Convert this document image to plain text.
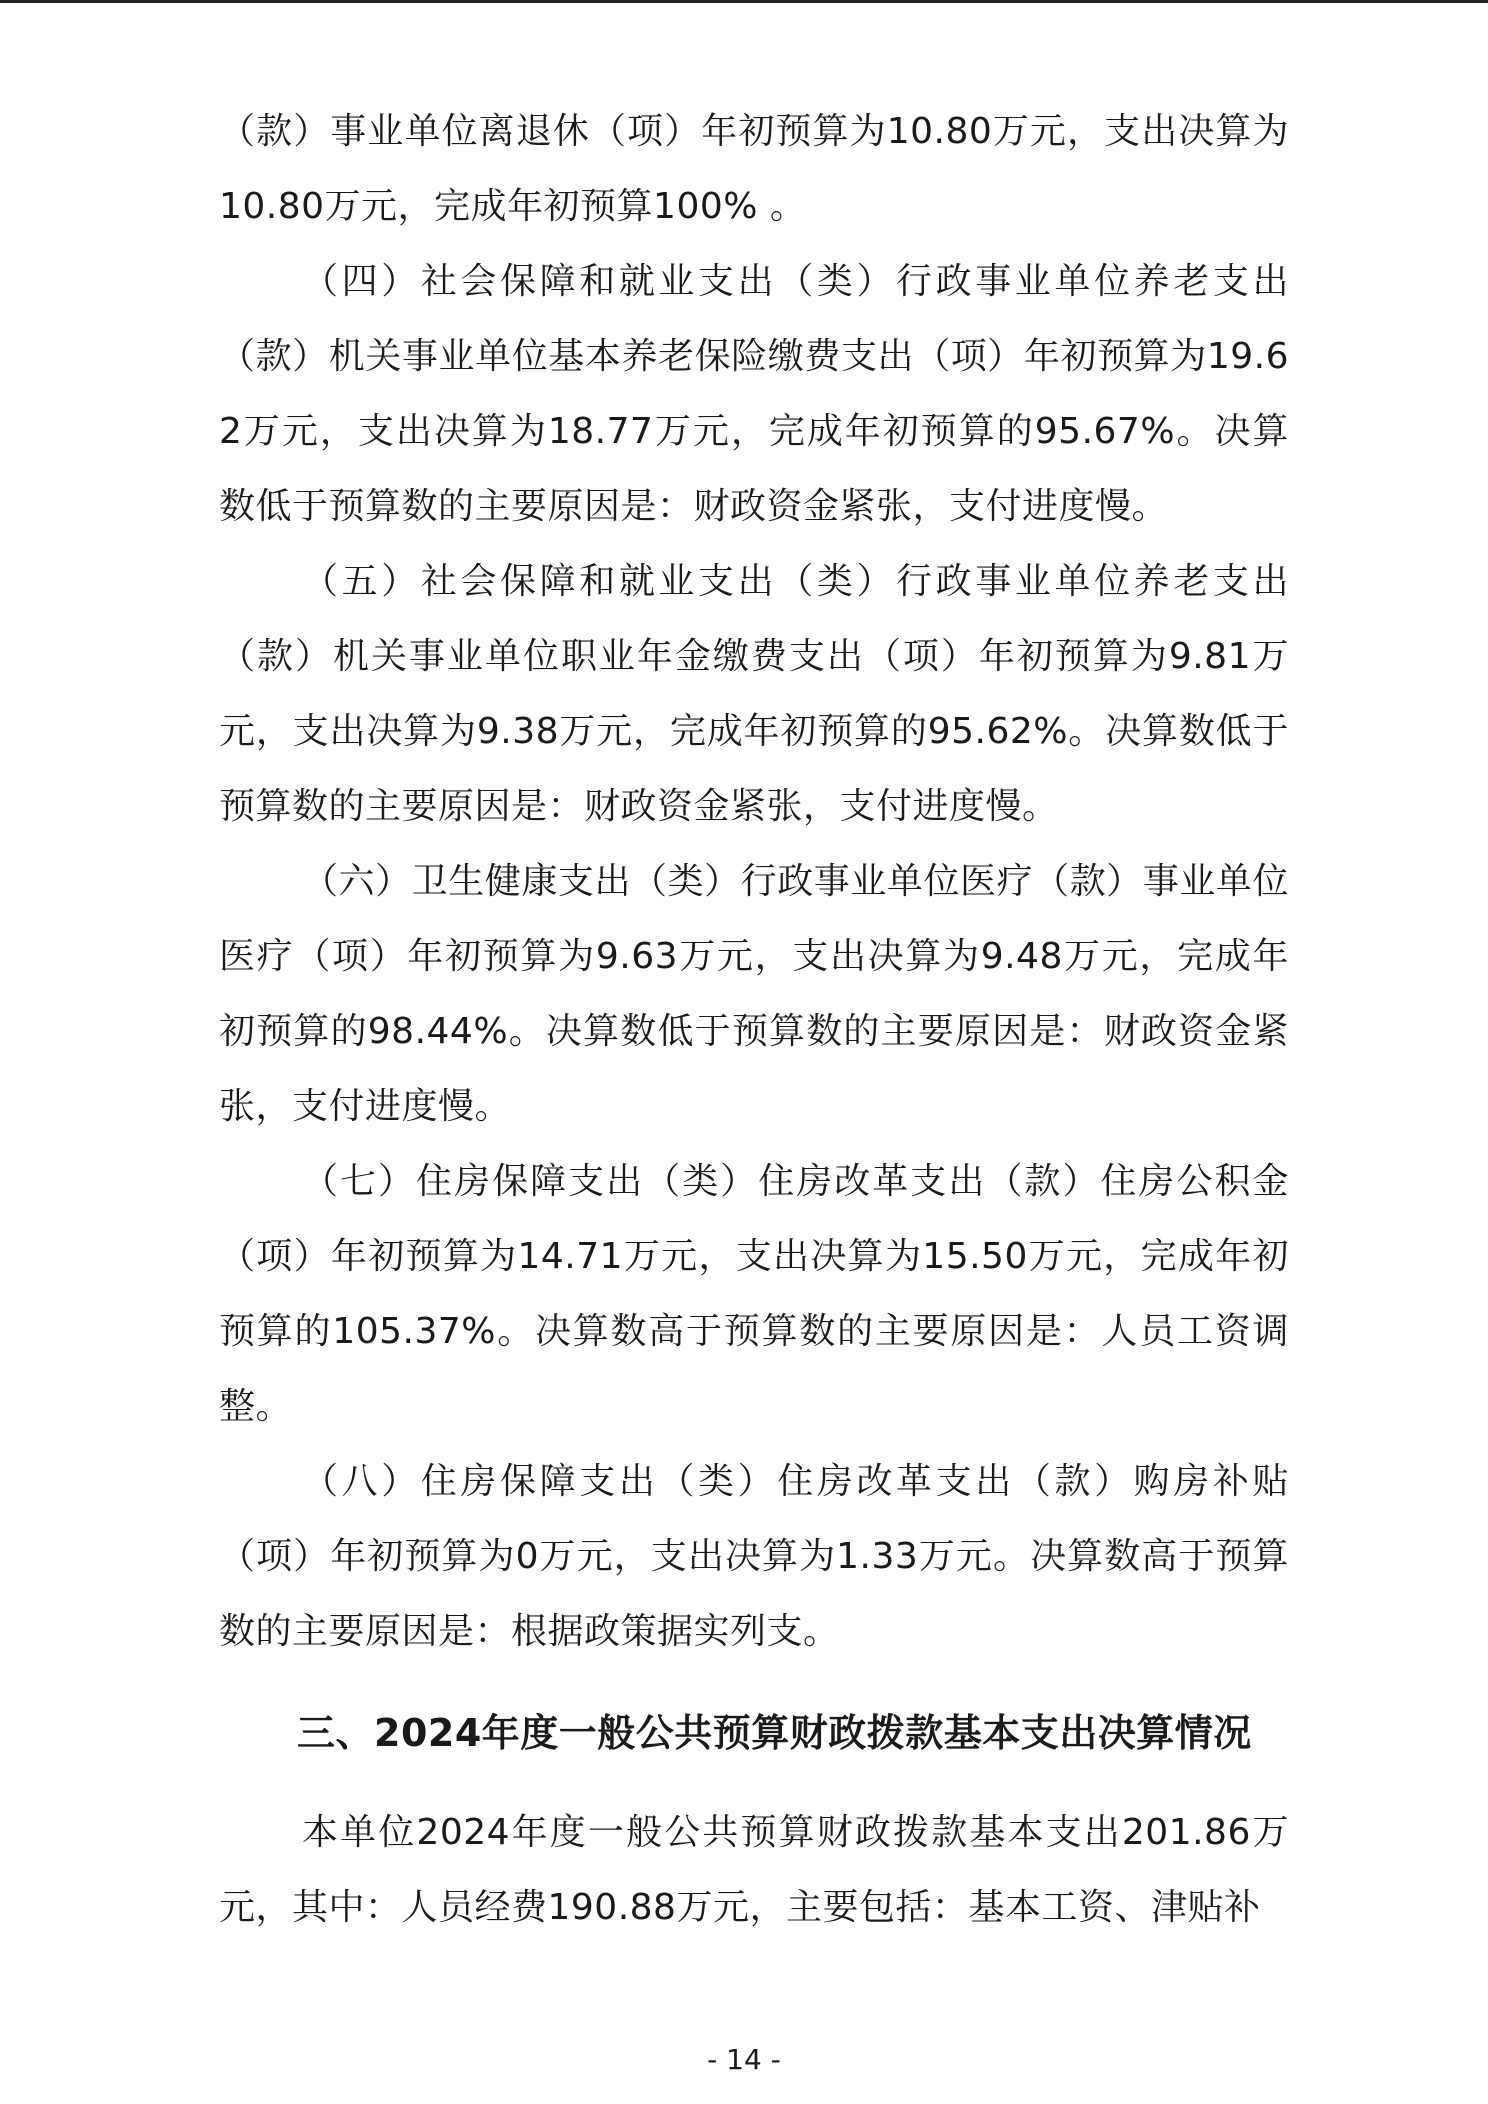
（款）事业单位离退休（项）年初预算为10.80万元，支出决算为10.80万元，完成年初预算100% 。

（四）社会保障和就业支出（类）行政事业单位养老支出（款）机关事业单位基本养老保险缴费支出（项）年初预算为19.62万元，支出决算为18.77万元，完成年初预算的95.67%。决算数低于预算数的主要原因是：财政资金紧张，支付进度慢。

（五）社会保障和就业支出（类）行政事业单位养老支出（款）机关事业单位职业年金缴费支出（项）年初预算为9.81万元，支出决算为9.38万元，完成年初预算的95.62%。决算数低于预算数的主要原因是：财政资金紧张，支付进度慢。

（六）卫生健康支出（类）行政事业单位医疗（款）事业单位医疗（项）年初预算为9.63万元，支出决算为9.48万元，完成年初预算的98.44%。决算数低于预算数的主要原因是：财政资金紧张，支付进度慢。

（七）住房保障支出（类）住房改革支出（款）住房公积金（项）年初预算为14.71万元，支出决算为15.50万元，完成年初预算的105.37%。决算数高于预算数的主要原因是：人员工资调整。

（八）住房保障支出（类）住房改革支出（款）购房补贴（项）年初预算为0万元，支出决算为1.33万元。决算数高于预算数的主要原因是：根据政策据实列支。

三、2024年度一般公共预算财政拨款基本支出决算情况

本单位2024年度一般公共预算财政拨款基本支出201.86万元，其中：人员经费190.88万元，主要包括：基本工资、津贴补

- 14 -
